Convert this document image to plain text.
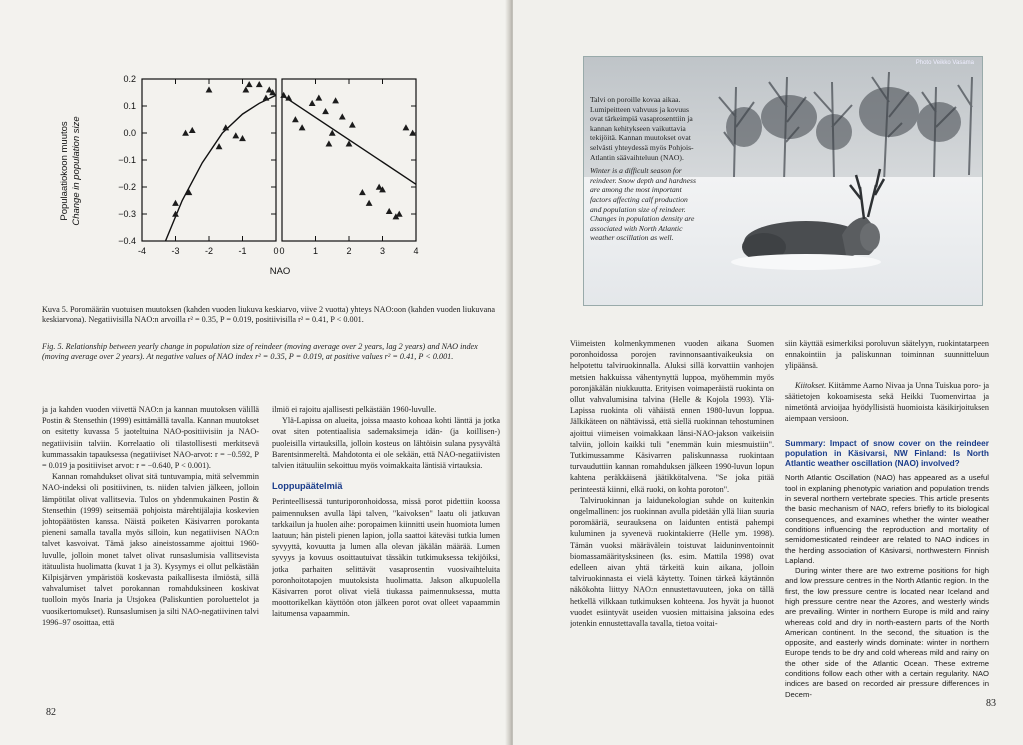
Populaatiokoon muutos Change in population size
0.2
0.1
0.0
−0.1
−0.2
−0.3
−0.4
-4	-3	-2	-1	0 0	1	2	3	4
NAO
Kuva 5. Poromäärän vuotuisen muutoksen (kahden vuoden liukuva keskiarvo, viive 2 vuotta) yhteys NAO:oon (kahden vuoden liukuvana keskiarvona). Negatiivisilla NAO:n arvoilla r² = 0.35, P = 0.019, positiivisilla r² = 0.41, P < 0.001.
Fig. 5. Relationship between yearly change in population size of reindeer (moving average over 2 years, lag 2 years) and NAO index (moving average over 2 years). At negative values of NAO index r² = 0.35, P = 0.019, at positive values r² = 0.41, P < 0.001.

ja ja kahden vuoden viivettä NAO:n ja kannan muutoksen välillä Postin & Stensethin (1999) esittämällä tavalla. Kannan muutokset on esitetty kuvassa 5 jaoteltuina NAO-positiivisiin ja NAO-negatiivisiin talviin. Korrelaatio oli tilastollisesti merkitsevä kummassakin tapauksessa (negatiiviset NAO-arvot: r = −0.592, P = 0.019 ja positiiviset arvot: r = −0.640, P < 0.001).

Kannan romahdukset olivat sitä tuntuvampia, mitä selvemmin NAO-indeksi oli positiivinen, ts. niiden talvien jälkeen, jolloin lämpötilat olivat vallitsevia. Tulos on yhdenmukainen Postin & Stensethin (1999) seitsemää pohjoista märehtijälajia koskevien johtopäätösten kanssa. Näistä poiketen Käsivarren porokanta pieneni samalla tavalla myös silloin, kun negatiivisen NAO:n talvet kasvoivat. Tämä jakso aineistossamme ajoittui 1960-luvulle, jolloin monet talvet olivat runsaslumisia vallitsevista itätuulista huolimatta (kuvat 1 ja 3). Kysymys ei ollut pelkästään Kilpisjärven ympäristöä koskevasta paikallisesta ilmiöstä, sillä vahvalumiset talvet porokannan romahduksineen koskivat tuolloin myös Inaria ja Utsjokea (Paliskuntien poroluettelot ja vuosikertomukset). Runsaslumisen ja silti NAO-negatiivinen talvi 1996–97 osoittaa, että

ilmiö ei rajoitu ajallisesti pelkästään 1960-luvulle.

Ylä-Lapissa on alueita, joissa maasto kohoaa kohti länttä ja jotka ovat siten potentiaalisia sademaksimeja idän- (ja koillisen-) puoleisilla virtauksilla, jolloin kosteus on lähtöisin sulana pysyvältä Barentsinmereltä. Mahdotonta ei ole sekään, että NAO-negatiivisten talvien itätuuliin sekoittuu myös voimakkaita läntisiä virtauksia.

Loppupäätelmiä

Perinteellisessä tunturiporonhoidossa, missä porot pidettiin koossa paimennuksen avulla läpi talven, "kaivoksen" laatu oli jatkuvan tarkkailun ja huolen aihe: poropaimen kiinnitti usein huomiota lumen laatuun; hän pisteli pienen lapion, jolla saattoi käteväsi tutkia lumen syvyyttä, kovuutta ja lumen alla olevan jäkälän määrää. Lumen syvyys ja kovuus osoittautuivat tässäkin tutkimuksessa tekijöiksi, jotka parhaiten selittävät vasaprosentin vuosivaihteluita poronhoitotapojen muutoksista huolimatta. Jakson alkupuolella Käsivarren porot olivat vielä tiukassa paimennuksessa, mutta moottorikelkan käyttöön oton jälkeen porot ovat olleet vapaammin laitumensa vapaammin.

82
Photo Veikko Vasama
Talvi on poroille kovaa aikaa. Lumipeitteen vahvuus ja kovuus ovat tärkeimpiä vasaprosenttiin ja kannan kehitykseen vaikuttavia tekijöitä. Kannan muutokset ovat selvästi yhteydessä myös Pohjois-Atlantin säävaihteluun (NAO).
Winter is a difficult season for reindeer. Snow depth and hardness are among the most important factors affecting calf production and population size of reindeer. Changes in population density are associated with North Atlantic weather oscillation as well.

Viimeisten kolmenkymmenen vuoden aikana Suomen poronhoidossa porojen ravinnonsaantivaikeuksia on helpotettu talviruokinnalla. Aluksi sillä korvattiin vanhojen metsien hakkuissa vähentynyttä luppoa, myöhemmin myös poronjäkälän niukkuutta. Erityisen voimaperäistä ruokinta on ollut vahvalumisina talvina (Helle & Kojola 1993). Ylä-Lapissa ruokinta oli vähäistä ennen 1980-luvun loppua. Jälkikäteen on nähtävissä, että siellä ruokinnan tehostuminen ajoittui viimeisen voimakkaan länsi-NAO-jakson vaikeisiin talviin, jolloin kaikki tuli "enemmän kuin miesmuistiin". Tutkimussamme Käsivarren paliskunnassa ruokintaan turvauduttiin kannan romahduksen jälkeen 1990-luvun lopun kahtena peräkkäisenä jäätikkötalvena. "Se joka pitää perinteestä kiinni, elkä ruoki, on kohta poroton".

Talviruokinnan ja laidunekologian suhde on kuitenkin ongelmallinen: jos ruokinnan avulla pidetään yllä liian suuria poromääriä, seurauksena on laidunten entistä pahempi kuluminen ja syvenevä ruokintakierre (Helle ym. 1998). Tämän vuoksi määrävälein toistuvat laiduninventoinnit biomassamääritysksineen (ks. esim. Mattila 1998) ovat edelleen aivan yhtä tärkeitä kuin aikana, jolloin talviruokinnasta ei vielä käytetty. Toinen tärkeä käytännön näkökohta liittyy NAO:n ennustettavuuteen, joka on tällä hetkellä vilkkaan tutkimuksen kohteena. Jos hyvät ja huonot vuodet esiintyvät useiden vuosien mittaisina jaksoina edes jotenkin ennustettavalla tavalla, tietoa voitai-

siin käyttää esimerkiksi poroluvun säätelyyn, ruokintatarpeen ennakointiin ja paliskunnan toiminnan suunnitteluun ylipäänsä.

Kiitokset. Kiitämme Aarno Nivaa ja Unna Tuiskua poro- ja säätietojen kokoamisesta sekä Heikki Tuomenvirtaa ja nimetöntä arvioijaa hyödyllisistä huomioista käsikirjoituksen aiempaan versioon.

Summary: Impact of snow cover on the reindeer population in Käsivarsi, NW Finland: Is North Atlantic weather oscillation (NAO) involved?

North Atlantic Oscillation (NAO) has appeared as a useful tool in explaning phenotypic variation and population trends in several northern vertebrate species. This article presents the basic mechanism of NAO, refers briefly to its biological consequences, and examines whether the winter weather conditions influencing the reproduction and mortality of semidomesticated reindeer are related to NAO indices in the herding association of Käsivarsi, northwestern Finnish Lapland.

During winter there are two extreme positions for high and low pressure centres in the North Atlantic region. In the first, the low pressure centre is located near Iceland and high pressure centre near the Azores, and westerly winds are prevailing. Winter in northern Europe is mild and rainy whereas cold and dry in north-eastern parts of the North American continent. In the second, the situation is the opposite, and easterly winds dominate: winter in northern Europe tends to be dry and cold whereas mild and rainy on the other side of the Atlantic Ocean. These extreme conditions follow each other with a certain regularity. NAO indices are based on recorded air pressure differences in Decem-

83
